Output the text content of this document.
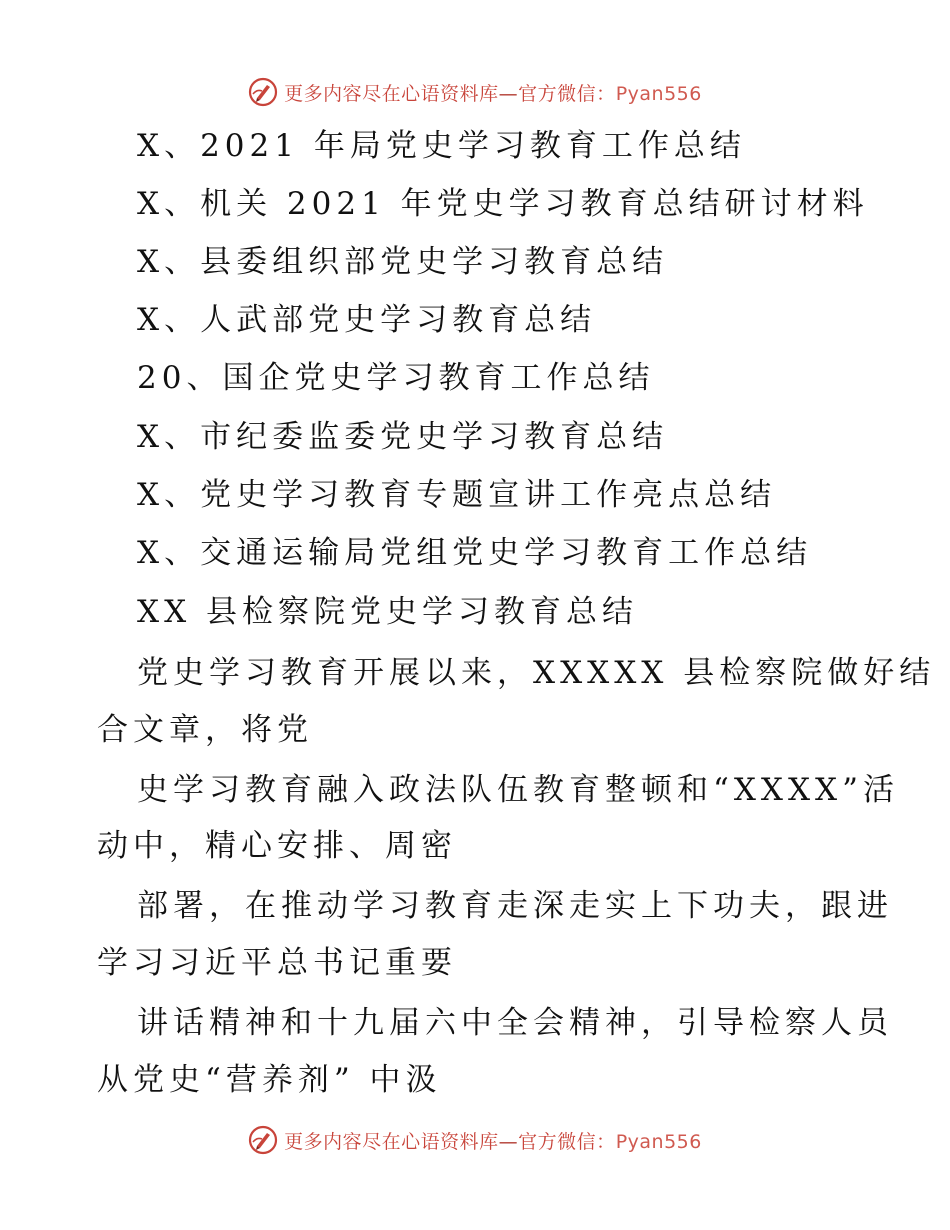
更多内容尽在心语资料库—官方微信：Pyan556
X、2021 年局党史学习教育工作总结
X、机关 2021 年党史学习教育总结研讨材料
X、县委组织部党史学习教育总结
X、人武部党史学习教育总结
20、国企党史学习教育工作总结
X、市纪委监委党史学习教育总结
X、党史学习教育专题宣讲工作亮点总结
X、交通运输局党组党史学习教育工作总结
XX 县检察院党史学习教育总结
党史学习教育开展以来，XXXXX 县检察院做好结
合文章，将党
史学习教育融入政法队伍教育整顿和“XXXX”活
动中，精心安排、周密
部署，在推动学习教育走深走实上下功夫，跟进
学习习近平总书记重要
讲话精神和十九届六中全会精神，引导检察人员
从党史“营养剂” 中汲
更多内容尽在心语资料库—官方微信：Pyan556
